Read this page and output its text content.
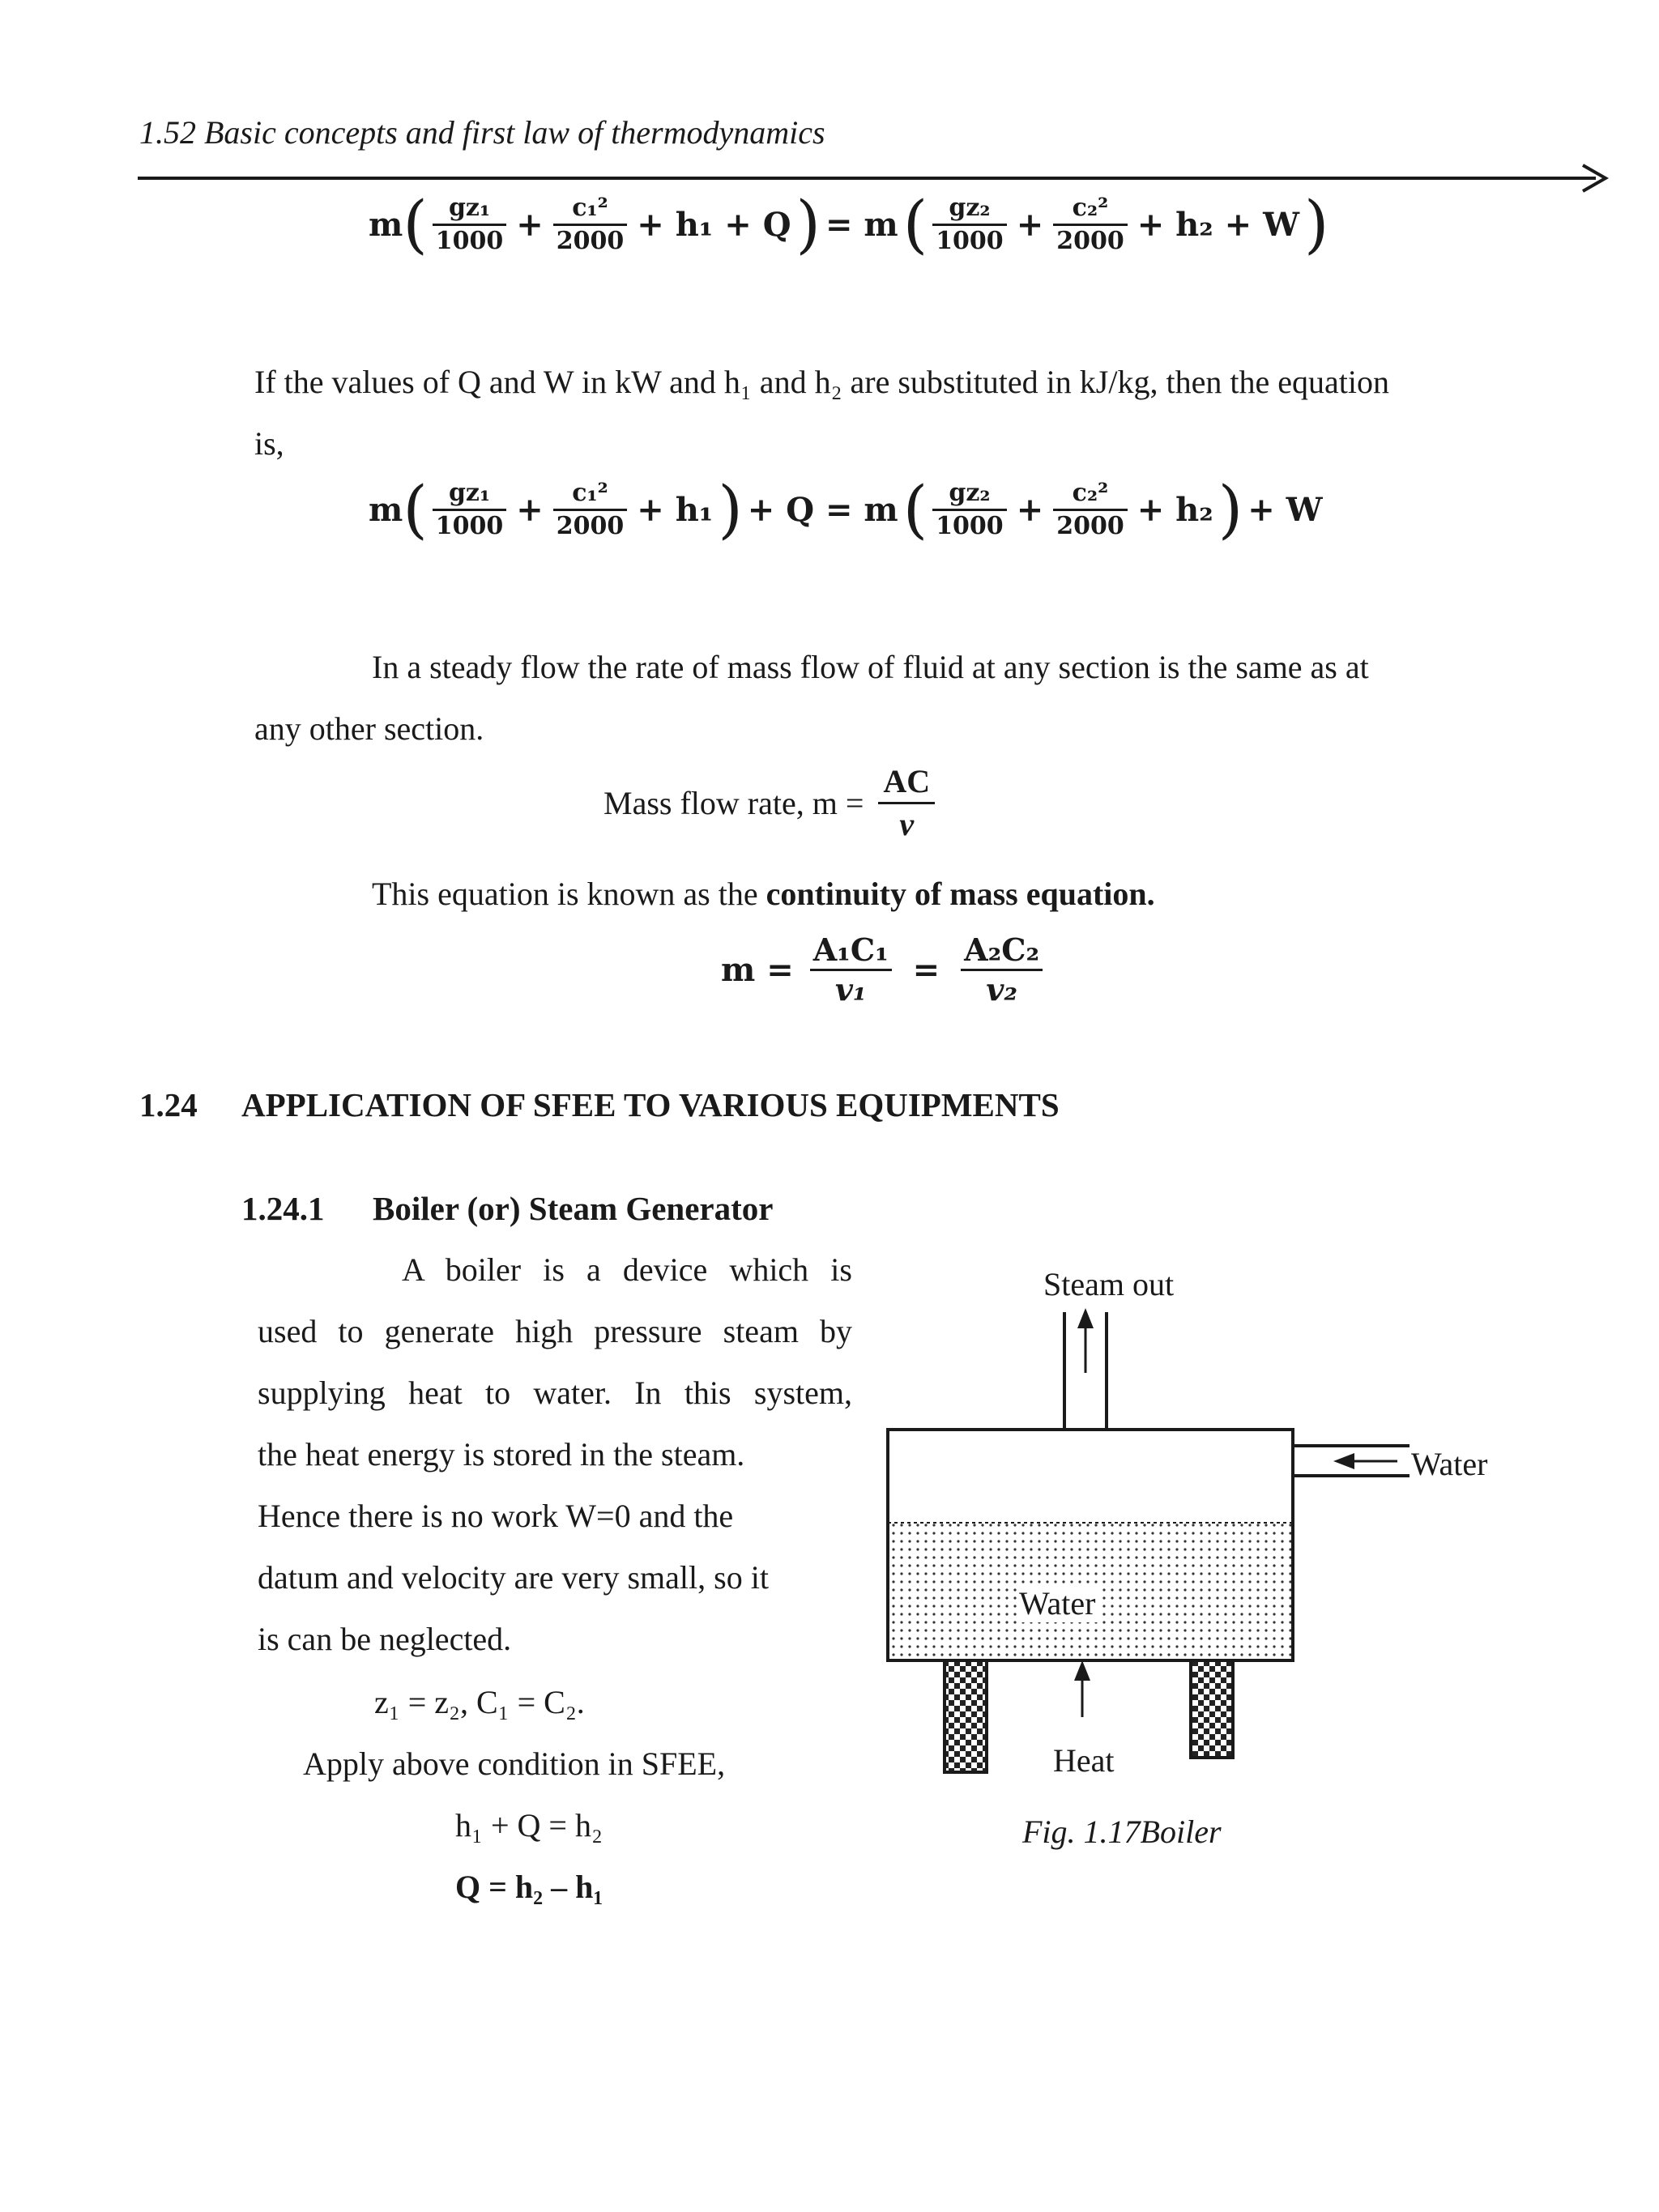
1.52 Basic concepts and first law of thermodynamics
$m( \frac{\text{gz₁}}{1000} + \frac{\text{c₁²}}{2000} + h_1 + Q) = m( \frac{\text{gz₂}}{1000} + \frac{\text{c₂²}}{2000} + h_2 + W)$
If the values of Q and W in kW and h₁ and h₂ are substituted in kJ/kg, then the equation
is,
$m( \frac{\text{gz₁}}{1000} + \frac{\text{c₁²}}{2000} + h_1) + Q = m( \frac{\text{gz₂}}{1000} + \frac{\text{c₂²}}{2000} + h_2) + W$
In a steady flow the rate of mass flow of fluid at any section is the same as at
any other section.
Mass flow rate, $m = \frac{AC}{v}$
This equation is known as the continuity of mass equation.
$m = \frac{\text{A₁C₁}}{\text{v₁}} = \frac{\text{A₂C₂}}{\text{v₂}}$
1.24 APPLICATION OF SFEE TO VARIOUS EQUIPMENTS
1.24.1 Boiler (or) Steam Generator
A boiler is a device which is
used to generate high pressure steam by
supplying heat to water. In this system,
the heat energy is stored in the steam.
Hence there is no work W=0 and the
datum and velocity are very small, so it
is can be neglected.
z₁ = z₂, C₁ = C₂.
Apply above condition in SFEE,
h₁ + Q = h₂
Q = h₂ – h₁
Steam out
Water
Water
Heat
Fig. 1.17Boiler
